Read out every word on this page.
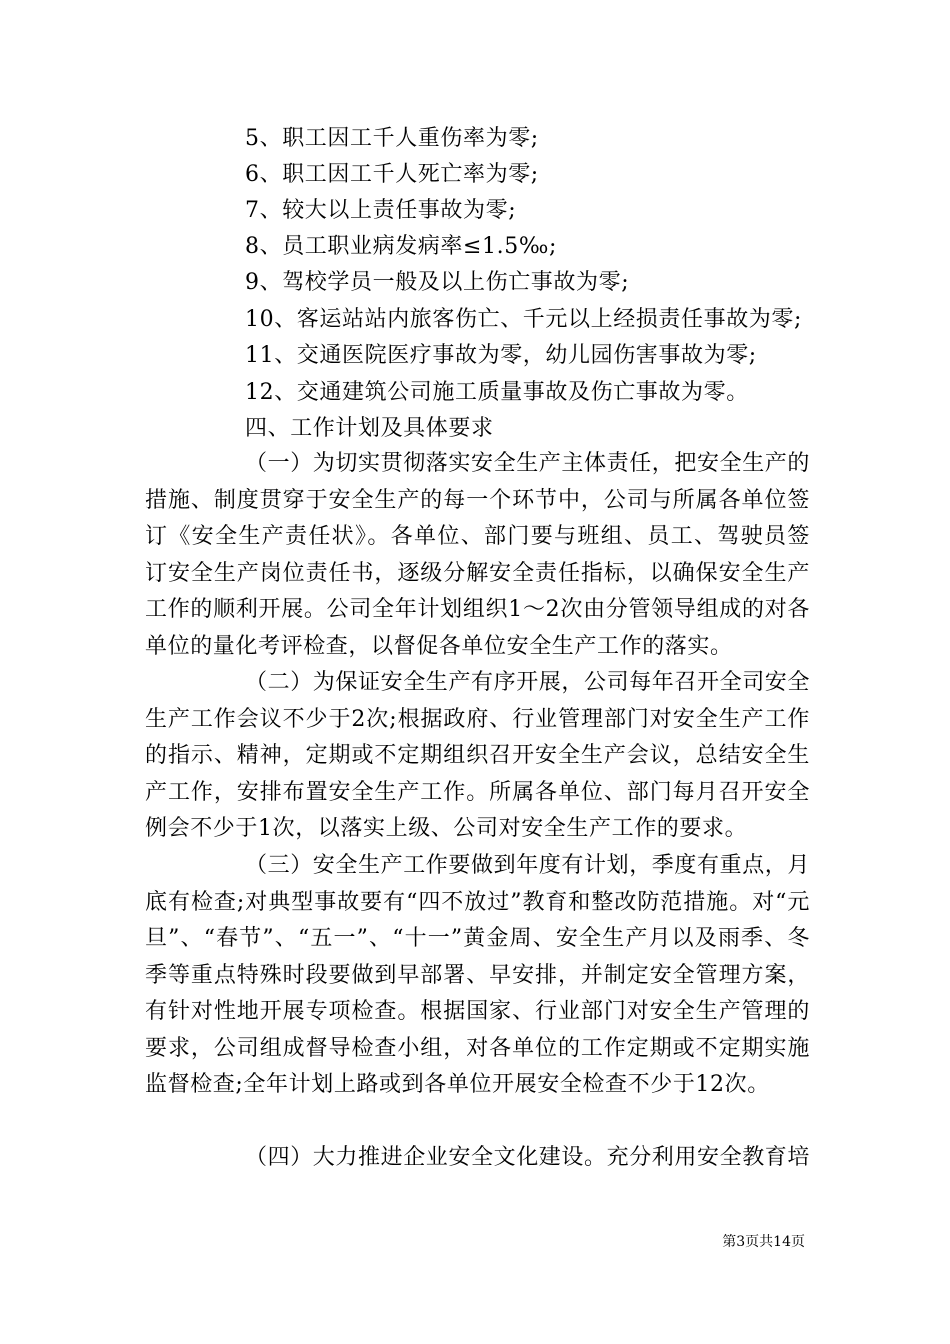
5、职工因工千人重伤率为零;
6、职工因工千人死亡率为零;
7、较大以上责任事故为零;
8、员工职业病发病率≤1.5‰;
9、驾校学员一般及以上伤亡事故为零;
10、客运站站内旅客伤亡、千元以上经损责任事故为零;
11、交通医院医疗事故为零，幼儿园伤害事故为零;
12、交通建筑公司施工质量事故及伤亡事故为零。
四、工作计划及具体要求
（一）为切实贯彻落实安全生产主体责任，把安全生产的措施、制度贯穿于安全生产的每一个环节中，公司与所属各单位签订《安全生产责任状》。各单位、部门要与班组、员工、驾驶员签订安全生产岗位责任书，逐级分解安全责任指标，以确保安全生产工作的顺利开展。公司全年计划组织1～2次由分管领导组成的对各单位的量化考评检查，以督促各单位安全生产工作的落实。
（二）为保证安全生产有序开展，公司每年召开全司安全生产工作会议不少于2次;根据政府、行业管理部门对安全生产工作的指示、精神，定期或不定期组织召开安全生产会议，总结安全生产工作，安排布置安全生产工作。所属各单位、部门每月召开安全例会不少于1次，以落实上级、公司对安全生产工作的要求。
（三）安全生产工作要做到年度有计划，季度有重点，月底有检查;对典型事故要有“四不放过”教育和整改防范措施。对“元旦”、“春节”、“五一”、“十一”黄金周、安全生产月以及雨季、冬季等重点特殊时段要做到早部署、早安排，并制定安全管理方案，有针对性地开展专项检查。根据国家、行业部门对安全生产管理的要求，公司组成督导检查小组，对各单位的工作定期或不定期实施监督检查;全年计划上路或到各单位开展安全检查不少于12次。
（四）大力推进企业安全文化建设。充分利用安全教育培
第3页共14页
